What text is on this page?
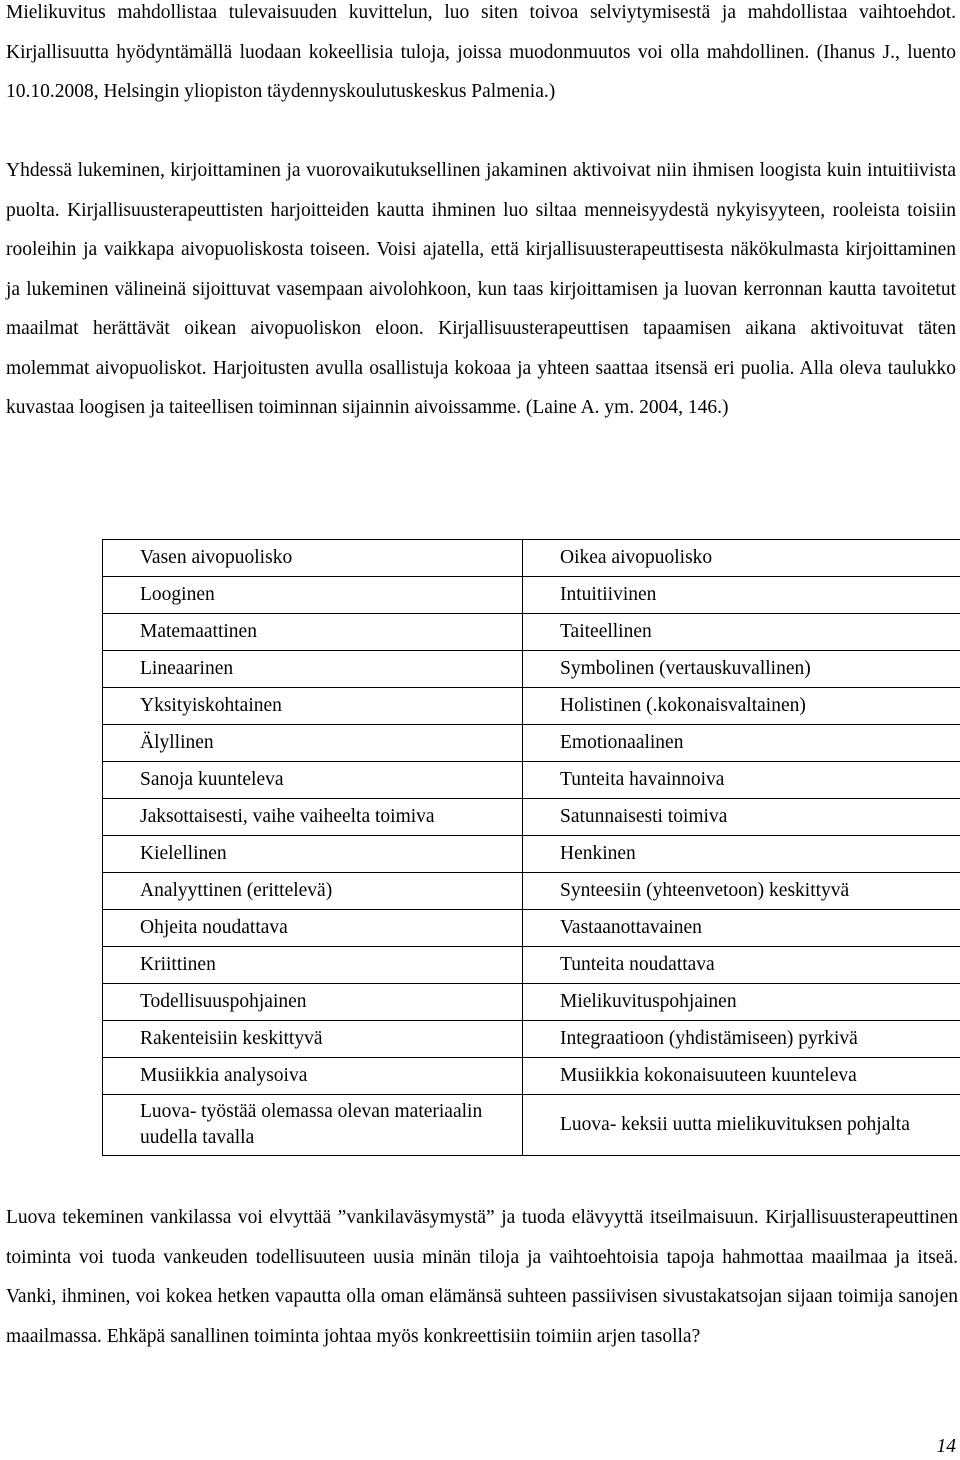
Mielikuvitus mahdollistaa tulevaisuuden kuvittelun, luo siten toivoa selviytymisestä ja mahdollistaa vaihtoehdot. Kirjallisuutta hyödyntämällä luodaan kokeellisia tuloja, joissa muodonmuutos voi olla mahdollinen. (Ihanus J., luento 10.10.2008, Helsingin yliopiston täydennyskoulutuskeskus Palmenia.)

Yhdessä lukeminen, kirjoittaminen ja vuorovaikutuksellinen jakaminen aktivoivat niin ihmisen loogista kuin intuitiivista puolta. Kirjallisuusterapeuttisten harjoitteiden kautta ihminen luo siltaa menneisyydestä nykyisyyteen, rooleista toisiin rooleihin ja vaikkapa aivopuoliskosta toiseen. Voisi ajatella, että kirjallisuusterapeuttisesta näkökulmasta kirjoittaminen ja lukeminen välineinä sijoittuvat vasempaan aivolohkoon, kun taas kirjoittamisen ja luovan kerronnan kautta tavoitetut maailmat herättävät oikean aivopuoliskon eloon. Kirjallisuusterapeuttisen tapaamisen aikana aktivoituvat täten molemmat aivopuoliskot. Harjoitusten avulla osallistuja kokoaa ja yhteen saattaa itsensä eri puolia. Alla oleva taulukko kuvastaa loogisen ja taiteellisen toiminnan sijainnin aivoissamme. (Laine A. ym. 2004, 146.)

Vasen aivopuolisko	Oikea aivopuolisko
Looginen	Intuitiivinen
Matemaattinen	Taiteellinen
Lineaarinen	Symbolinen (vertauskuvallinen)
Yksityiskohtainen	Holistinen (.kokonaisvaltainen)
Älyllinen	Emotionaalinen
Sanoja kuunteleva	Tunteita havainnoiva
Jaksottaisesti, vaihe vaiheelta toimiva	Satunnaisesti toimiva
Kielellinen	Henkinen
Analyyttinen (erittelevä)	Synteesiin (yhteenvetoon) keskittyvä
Ohjeita noudattava	Vastaanottavainen
Kriittinen	Tunteita noudattava
Todellisuuspohjainen	Mielikuvituspohjainen
Rakenteisiin keskittyvä	Integraatioon (yhdistämiseen) pyrkivä
Musiikkia analysoiva	Musiikkia kokonaisuuteen kuunteleva
Luova- työstää olemassa olevan materiaalin uudella tavalla	Luova- keksii uutta mielikuvituksen pohjalta

Luova tekeminen vankilassa voi elvyttää ”vankilaväsymystä” ja tuoda elävyyttä itseilmaisuun. Kirjallisuusterapeuttinen toiminta voi tuoda vankeuden todellisuuteen uusia minän tiloja ja vaihtoehtoisia tapoja hahmottaa maailmaa ja itseä. Vanki, ihminen, voi kokea hetken vapautta olla oman elämänsä suhteen passiivisen sivustakatsojan sijaan toimija sanojen maailmassa. Ehkäpä sanallinen toiminta johtaa myös konkreettisiin toimiin arjen tasolla?

14
